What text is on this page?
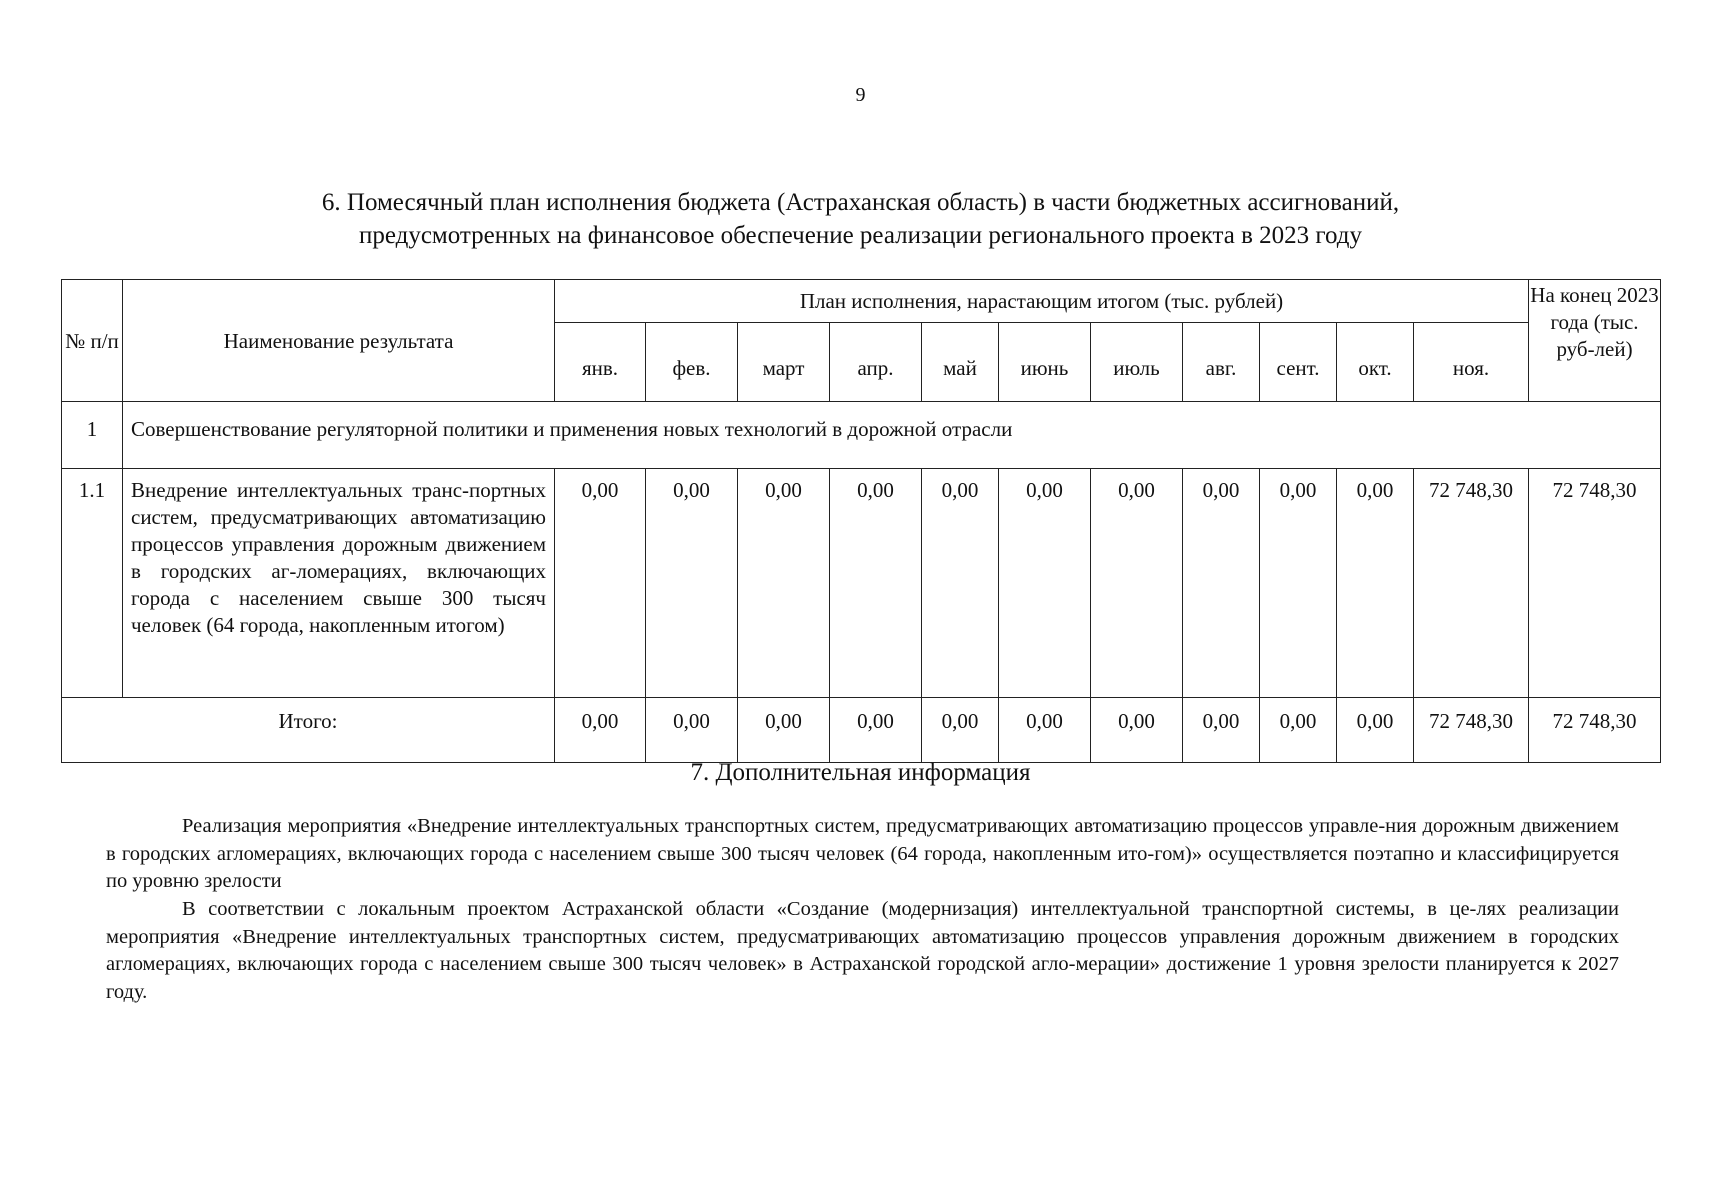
9
6. Помесячный план исполнения бюджета (Астраханская область) в части бюджетных ассигнований,
предусмотренных на финансовое обеспечение реализации регионального проекта в 2023 году
№ п/п	Наименование результата	План исполнения, нарастающим итогом (тыс. рублей)											На конец 2023 года (тыс. руб-лей)
		янв.	фев.	март	апр.	май	июнь	июль	авг.	сент.	окт.	ноя.	
1	Совершенствование регуляторной политики и применения новых технологий в дорожной отрасли												
1.1	Внедрение интеллектуальных транс-портных систем, предусматривающих автоматизацию процессов управления дорожным движением в городских аг-ломерациях, включающих города с населением свыше 300 тысяч человек (64 города, накопленным итогом)	0,00	0,00	0,00	0,00	0,00	0,00	0,00	0,00	0,00	0,00	72 748,30	72 748,30
Итого:		0,00	0,00	0,00	0,00	0,00	0,00	0,00	0,00	0,00	0,00	72 748,30	72 748,30
7. Дополнительная информация
Реализация мероприятия «Внедрение интеллектуальных транспортных систем, предусматривающих автоматизацию процессов управле-ния дорожным движением в городских агломерациях, включающих города с населением свыше 300 тысяч человек (64 города, накопленным ито-гом)» осуществляется поэтапно и классифицируется по уровню зрелости
В соответствии с локальным проектом Астраханской области «Создание (модернизация) интеллектуальной транспортной системы, в це-лях реализации мероприятия «Внедрение интеллектуальных транспортных систем, предусматривающих автоматизацию процессов управления дорожным движением в городских агломерациях, включающих города с населением свыше 300 тысяч человек» в Астраханской городской агло-мерации» достижение 1 уровня зрелости планируется к 2027 году.
